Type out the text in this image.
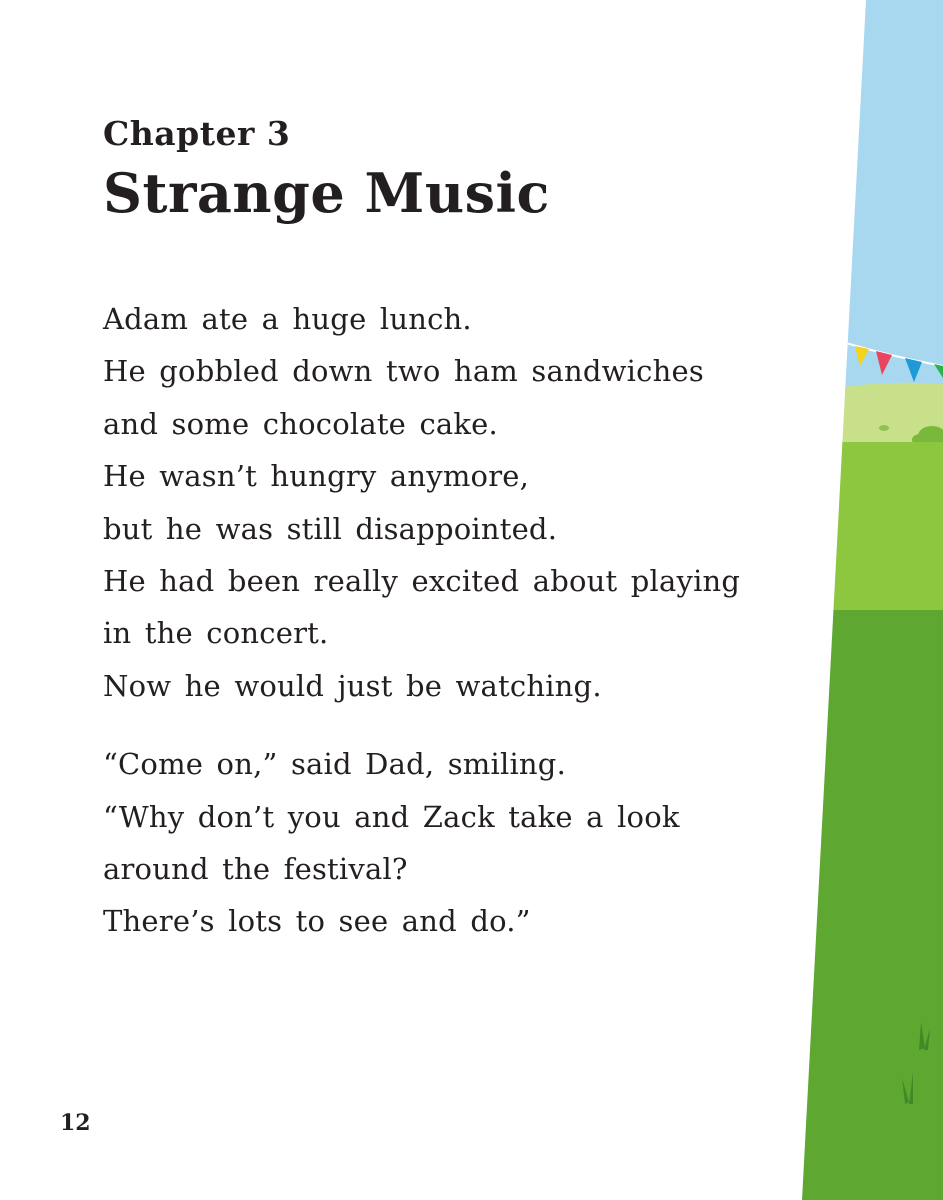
Chapter 3
Strange Music

Adam ate a huge lunch.
He gobbled down two ham sandwiches
and some chocolate cake.
He wasn’t hungry anymore,
but he was still disappointed.
He had been really excited about playing
in the concert.
Now he would just be watching.

“Come on,” said Dad, smiling.
“Why don’t you and Zack take a look
around the festival?
There’s lots to see and do.”

12
